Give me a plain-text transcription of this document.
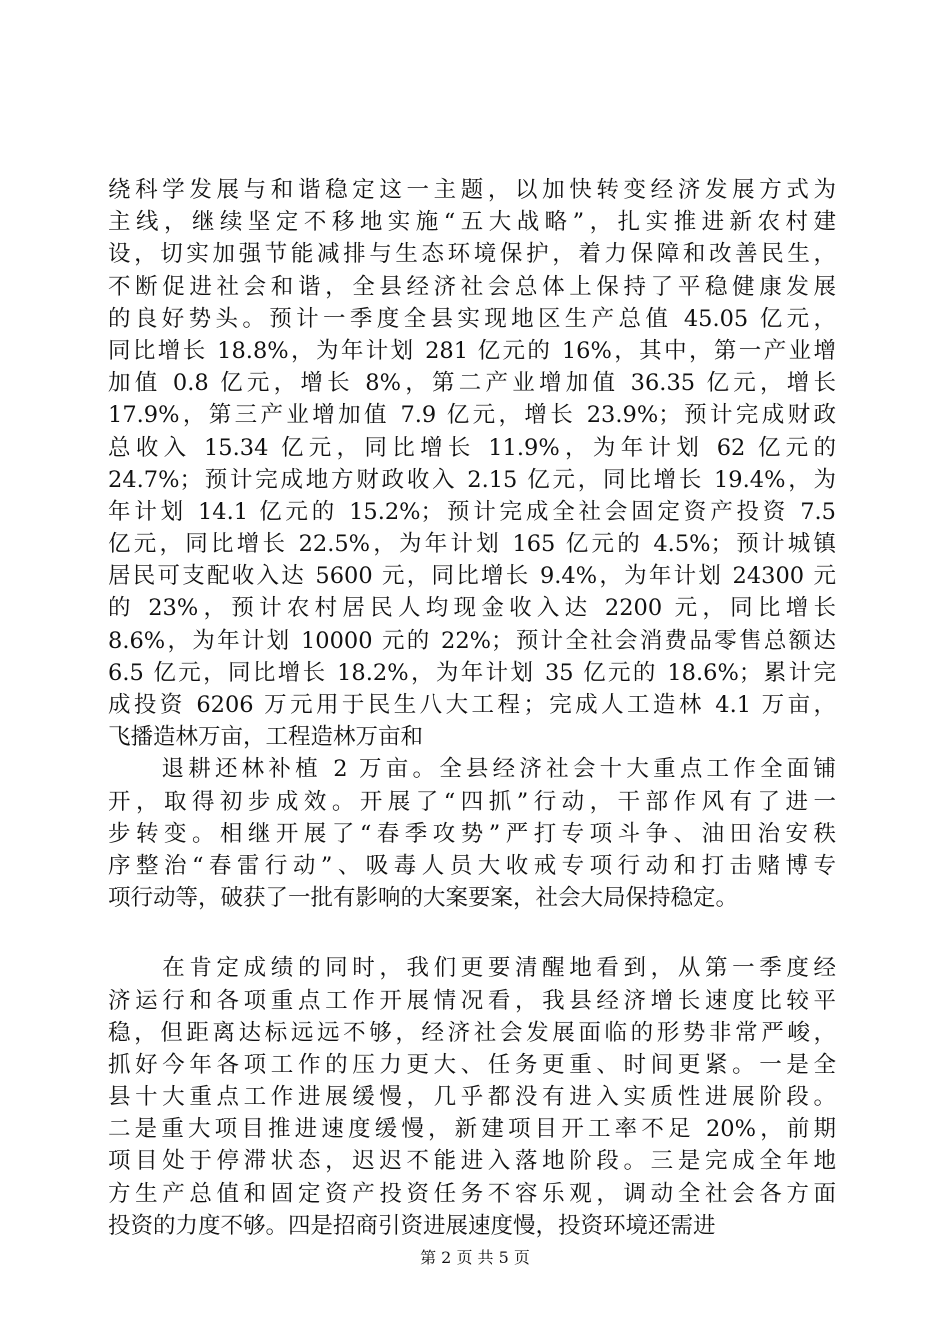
绕科学发展与和谐稳定这一主题，以加快转变经济发展方式为
主线，继续坚定不移地实施“五大战略”，扎实推进新农村建
设，切实加强节能减排与生态环境保护，着力保障和改善民生，
不断促进社会和谐，全县经济社会总体上保持了平稳健康发展
的良好势头。预计一季度全县实现地区生产总值 45.05 亿元，
同比增长 18.8%，为年计划 281 亿元的 16%，其中，第一产业增
加值 0.8 亿元，增长 8%，第二产业增加值 36.35 亿元，增长
17.9%，第三产业增加值 7.9 亿元，增长 23.9%；预计完成财政
总收入 15.34 亿元，同比增长 11.9%，为年计划 62 亿元的
24.7%；预计完成地方财政收入 2.15 亿元，同比增长 19.4%，为
年计划 14.1 亿元的 15.2%；预计完成全社会固定资产投资 7.5
亿元，同比增长 22.5%，为年计划 165 亿元的 4.5%；预计城镇
居民可支配收入达 5600 元，同比增长 9.4%，为年计划 24300 元
的 23%，预计农村居民人均现金收入达 2200 元，同比增长
8.6%，为年计划 10000 元的 22%；预计全社会消费品零售总额达
6.5 亿元，同比增长 18.2%，为年计划 35 亿元的 18.6%；累计完
成投资 6206 万元用于民生八大工程；完成人工造林 4.1 万亩，
飞播造林万亩，工程造林万亩和
　　退耕还林补植 2 万亩。全县经济社会十大重点工作全面铺
开，取得初步成效。开展了“四抓”行动，干部作风有了进一
步转变。相继开展了“春季攻势”严打专项斗争、油田治安秩
序整治“春雷行动”、吸毒人员大收戒专项行动和打击赌博专
项行动等，破获了一批有影响的大案要案，社会大局保持稳定。
　　在肯定成绩的同时，我们更要清醒地看到，从第一季度经
济运行和各项重点工作开展情况看，我县经济增长速度比较平
稳，但距离达标远远不够，经济社会发展面临的形势非常严峻，
抓好今年各项工作的压力更大、任务更重、时间更紧。一是全
县十大重点工作进展缓慢，几乎都没有进入实质性进展阶段。
二是重大项目推进速度缓慢，新建项目开工率不足 20%，前期
项目处于停滞状态，迟迟不能进入落地阶段。三是完成全年地
方生产总值和固定资产投资任务不容乐观，调动全社会各方面
投资的力度不够。四是招商引资进展速度慢，投资环境还需进
第 2 页 共 5 页
